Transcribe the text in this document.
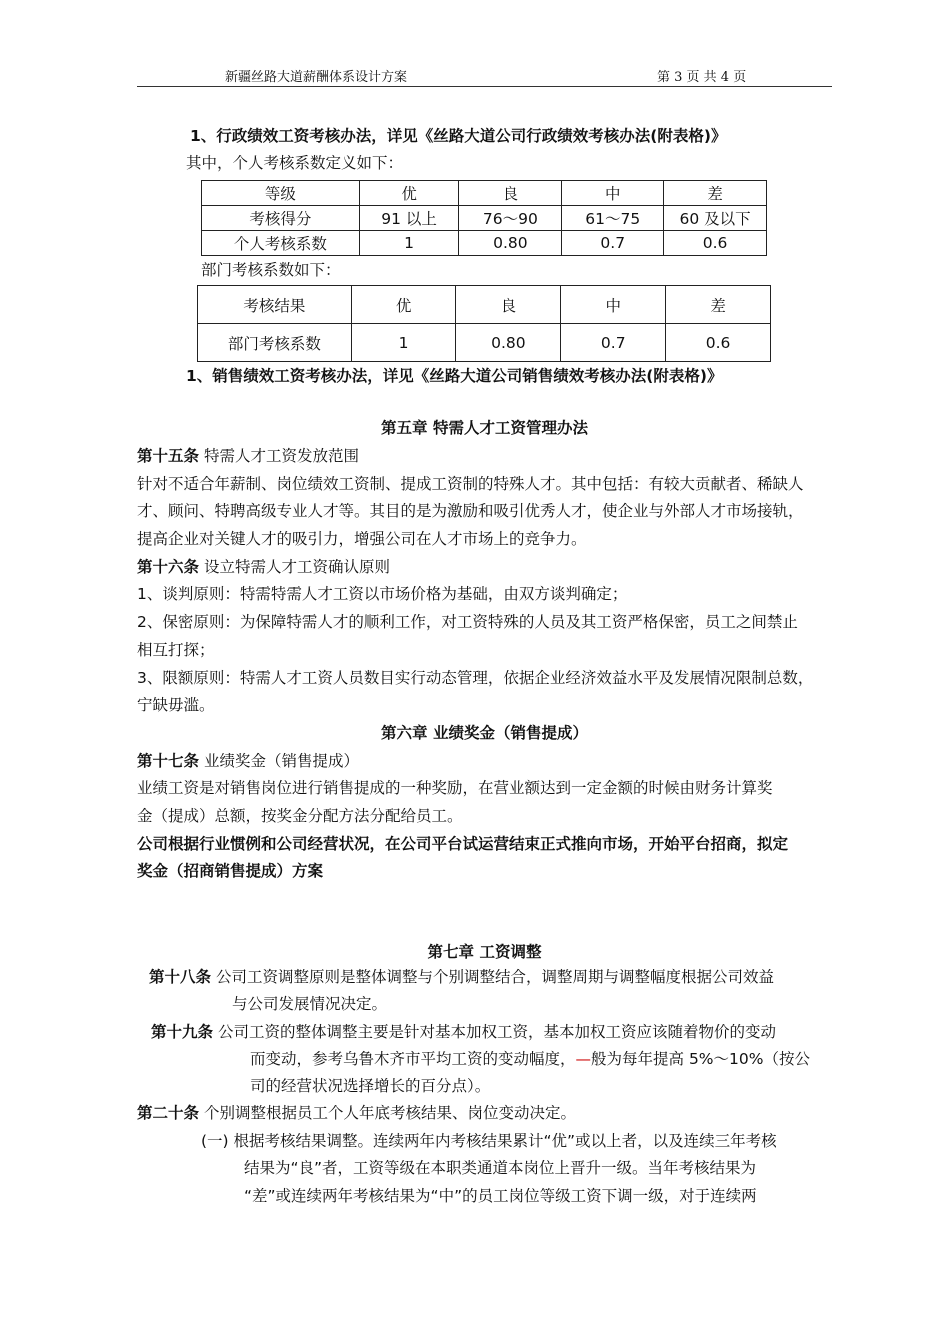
新疆丝路大道薪酬体系设计方案	第 3 页 共 4 页
1、行政绩效工资考核办法，详见《丝路大道公司行政绩效考核办法(附表格)》
其中，个人考核系数定义如下：
等级	优	良	中	差
考核得分	91 以上	76～90	61～75	60 及以下
个人考核系数	1	0.80	0.7	0.6
部门考核系数如下：
考核结果	优	良	中	差
部门考核系数	1	0.80	0.7	0.6
1、销售绩效工资考核办法，详见《丝路大道公司销售绩效考核办法(附表格)》
第五章 特需人才工资管理办法
第十五条 特需人才工资发放范围
针对不适合年薪制、岗位绩效工资制、提成工资制的特殊人才。其中包括：有较大贡献者、稀缺人
才、顾问、特聘高级专业人才等。其目的是为激励和吸引优秀人才，使企业与外部人才市场接轨，
提高企业对关键人才的吸引力，增强公司在人才市场上的竞争力。
第十六条 设立特需人才工资确认原则
1、谈判原则：特需特需人才工资以市场价格为基础，由双方谈判确定；
2、保密原则：为保障特需人才的顺利工作，对工资特殊的人员及其工资严格保密，员工之间禁止
相互打探；
3、限额原则：特需人才工资人员数目实行动态管理，依据企业经济效益水平及发展情况限制总数，
宁缺毋滥。
第六章 业绩奖金（销售提成）
第十七条 业绩奖金（销售提成）
业绩工资是对销售岗位进行销售提成的一种奖励，在营业额达到一定金额的时候由财务计算奖
金（提成）总额，按奖金分配方法分配给员工。
公司根据行业惯例和公司经营状况，在公司平台试运营结束正式推向市场，开始平台招商，拟定
奖金（招商销售提成）方案
第七章 工资调整
第十八条 公司工资调整原则是整体调整与个别调整结合，调整周期与调整幅度根据公司效益
与公司发展情况决定。
第十九条 公司工资的整体调整主要是针对基本加权工资，基本加权工资应该随着物价的变动
而变动，参考乌鲁木齐市平均工资的变动幅度，—般为每年提高 5%～10%（按公
司的经营状况选择增长的百分点）。
第二十条 个别调整根据员工个人年底考核结果、岗位变动决定。
(一) 根据考核结果调整。连续两年内考核结果累计“优”或以上者，以及连续三年考核
结果为“良”者，工资等级在本职类通道本岗位上晋升一级。当年考核结果为
“差”或连续两年考核结果为“中”的员工岗位等级工资下调一级，对于连续两
